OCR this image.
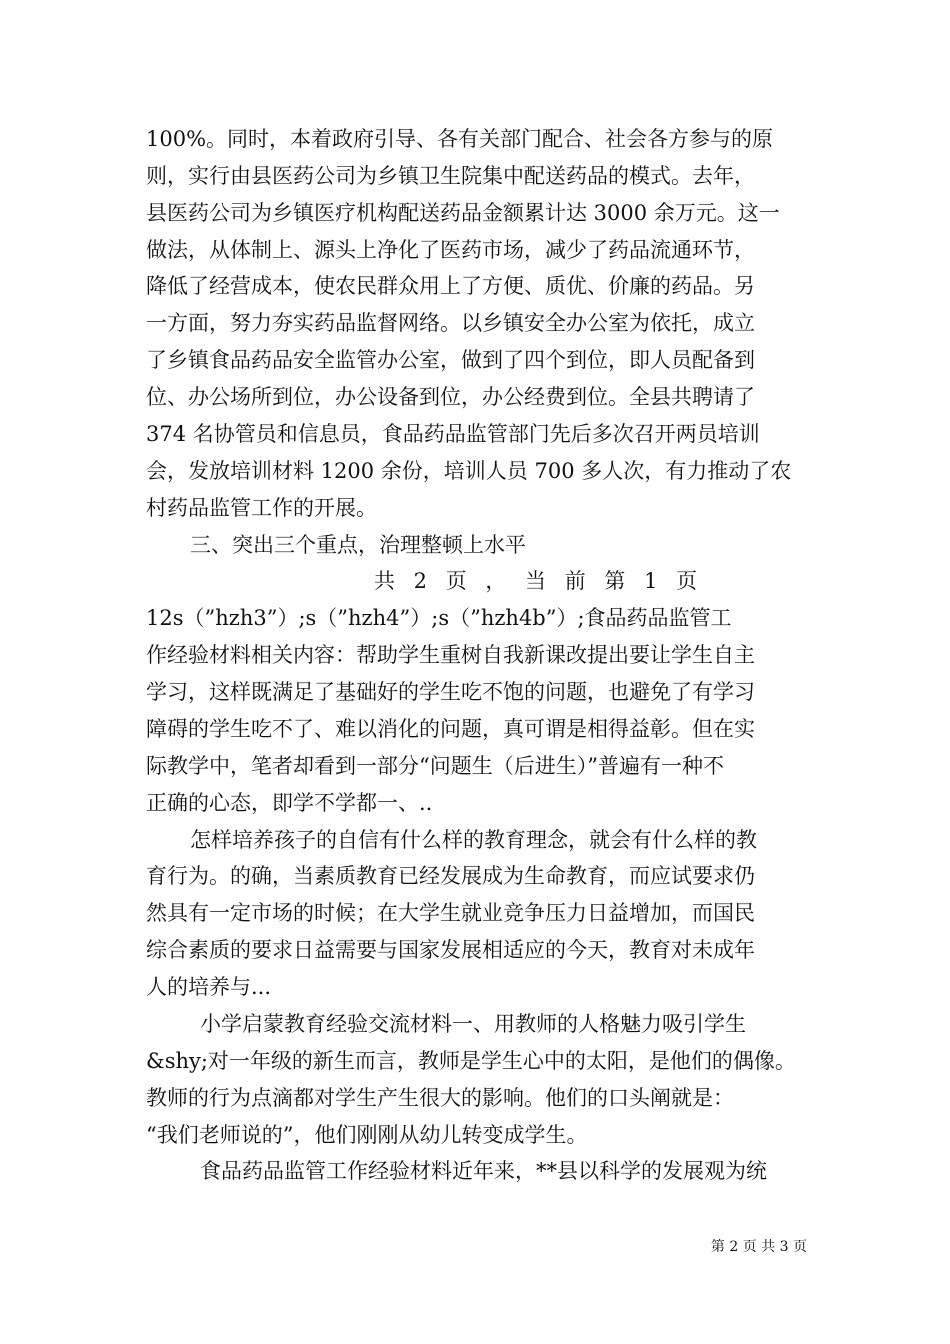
100%。同时，本着政府引导、各有关部门配合、社会各方参与的原
则，实行由县医药公司为乡镇卫生院集中配送药品的模式。去年，
县医药公司为乡镇医疗机构配送药品金额累计达 3000 余万元。这一
做法，从体制上、源头上净化了医药市场，减少了药品流通环节，
降低了经营成本，使农民群众用上了方便、质优、价廉的药品。另
一方面，努力夯实药品监督网络。以乡镇安全办公室为依托，成立
了乡镇食品药品安全监管办公室，做到了四个到位，即人员配备到
位、办公场所到位，办公设备到位，办公经费到位。全县共聘请了
374 名协管员和信息员，食品药品监管部门先后多次召开两员培训
会，发放培训材料 1200 余份，培训人员 700 多人次，有力推动了农
村药品监管工作的开展。
三、突出三个重点，治理整顿上水平
共 2 页 ， 当 前 第 1 页
12s（”hzh3”）;s（”hzh4”）;s（”hzh4b”）;食品药品监管工
作经验材料相关内容：帮助学生重树自我新课改提出要让学生自主
学习，这样既满足了基础好的学生吃不饱的问题，也避免了有学习
障碍的学生吃不了、难以消化的问题，真可谓是相得益彰。但在实
际教学中，笔者却看到一部分“问题生（后进生）”普遍有一种不
正确的心态，即学不学都一、..
怎样培养孩子的自信有什么样的教育理念，就会有什么样的教
育行为。的确，当素质教育已经发展成为生命教育，而应试要求仍
然具有一定市场的时候；在大学生就业竞争压力日益增加，而国民
综合素质的要求日益需要与国家发展相适应的今天，教育对未成年
人的培养与...
小学启蒙教育经验交流材料一、用教师的人格魅力吸引学生
&shy;对一年级的新生而言，教师是学生心中的太阳，是他们的偶像。
教师的行为点滴都对学生产生很大的影响。他们的口头阐就是：
“我们老师说的”，他们刚刚从幼儿转变成学生。
食品药品监管工作经验材料近年来，**县以科学的发展观为统
第 2 页 共 3 页
